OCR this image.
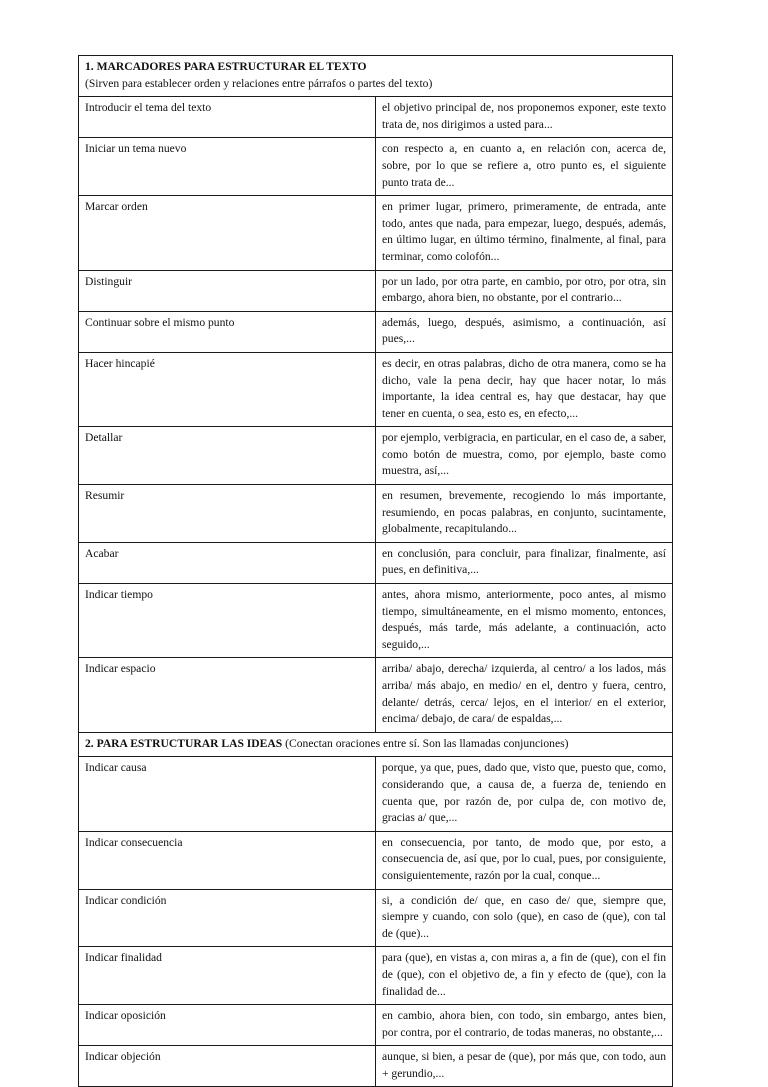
1. MARCADORES PARA ESTRUCTURAR EL TEXTO
(Sirven para establecer orden y relaciones entre párrafos o partes del texto)	
Introducir el tema del texto	el objetivo principal de, nos proponemos exponer, este texto trata de, nos dirigimos a usted para...
Iniciar un tema nuevo	con respecto a, en cuanto a, en relación con, acerca de, sobre, por lo que se refiere a, otro punto es, el siguiente punto trata de...
Marcar orden	en primer lugar, primero, primeramente, de entrada, ante todo, antes que nada, para empezar, luego, después, además, en último lugar, en último término, finalmente, al final, para terminar, como colofón...
Distinguir	por un lado, por otra parte, en cambio, por otro, por otra, sin embargo, ahora bien, no obstante, por el contrario...
Continuar sobre el mismo punto	además, luego, después, asimismo, a continuación, así pues,...
Hacer hincapié	es decir, en otras palabras, dicho de otra manera, como se ha dicho, vale la pena decir, hay que hacer notar, lo más importante, la idea central es, hay que destacar, hay que tener en cuenta, o sea, esto es, en efecto,...
Detallar	por ejemplo, verbigracia, en particular, en el caso de, a saber, como botón de muestra, como, por ejemplo, baste como muestra, así,...
Resumir	en resumen, brevemente, recogiendo lo más importante, resumiendo, en pocas palabras, en conjunto, sucintamente, globalmente, recapitulando...
Acabar	en conclusión, para concluir, para finalizar, finalmente, así pues, en definitiva,...
Indicar tiempo	antes, ahora mismo, anteriormente, poco antes, al mismo tiempo, simultáneamente, en el mismo momento, entonces, después, más tarde, más adelante, a continuación, acto seguido,...
Indicar espacio	arriba/ abajo, derecha/ izquierda, al centro/ a los lados, más arriba/ más abajo, en medio/ en el, dentro y fuera, centro, delante/ detrás, cerca/ lejos, en el interior/ en el exterior, encima/ debajo, de cara/ de espaldas,...
2. PARA ESTRUCTURAR LAS IDEAS (Conectan oraciones entre sí. Son las llamadas conjunciones)	
Indicar causa	porque, ya que, pues, dado que, visto que, puesto que, como, considerando que, a causa de, a fuerza de, teniendo en cuenta que, por razón de, por culpa de, con motivo de, gracias a/ que,...
Indicar consecuencia	en consecuencia, por tanto, de modo que, por esto, a consecuencia de, así que, por lo cual, pues, por consiguiente, consiguientemente, razón por la cual, conque...
Indicar condición	si, a condición de/ que, en caso de/ que, siempre que, siempre y cuando, con solo (que), en caso de (que), con tal de (que)...
Indicar finalidad	para (que), en vistas a, con miras a, a fin de (que), con el fin de (que), con el objetivo de, a fin y efecto de (que), con la finalidad de...
Indicar oposición	en cambio, ahora bien, con todo, sin embargo, antes bien, por contra, por el contrario, de todas maneras, no obstante,...
Indicar objeción	aunque, si bien, a pesar de (que), por más que, con todo, aun + gerundio,...
